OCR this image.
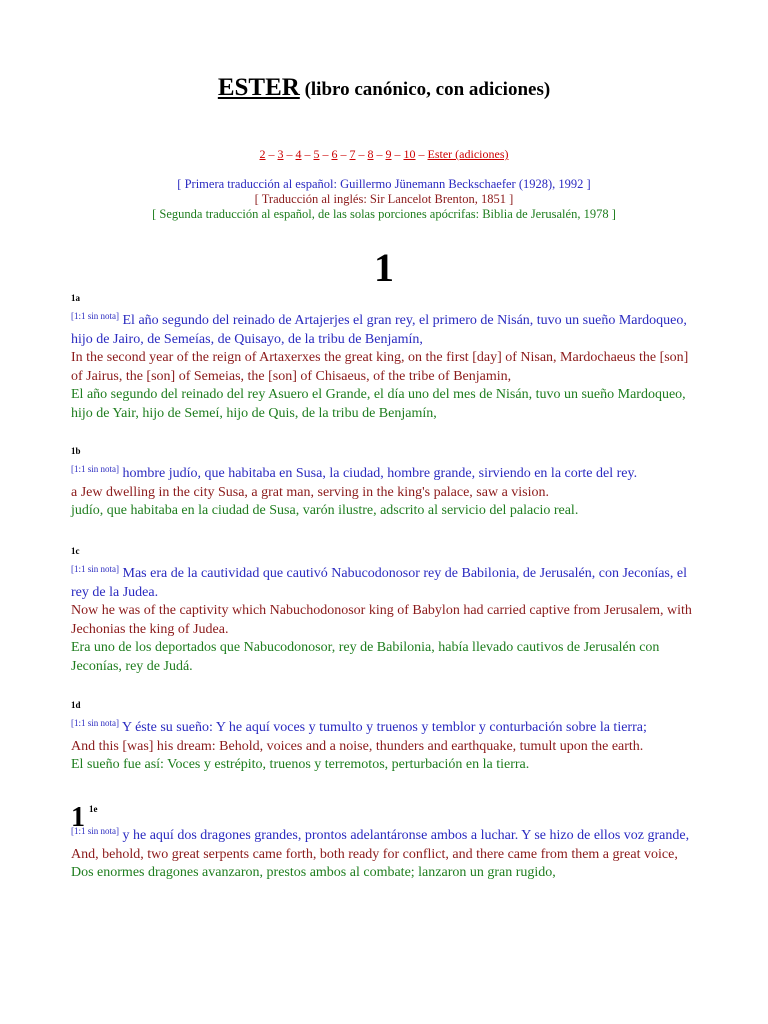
ESTER (libro canónico, con adiciones)
2 – 3 – 4 – 5 – 6 – 7 – 8 – 9 – 10 – Ester (adiciones)
[ Primera traducción al español: Guillermo Jünemann Beckschaefer (1928), 1992 ]
[ Traducción al inglés: Sir Lancelot Brenton, 1851 ]
[ Segunda traducción al español, de las solas porciones apócrifas: Biblia de Jerusalén, 1978 ]
1
1a
[1:1 sin nota] El año segundo del reinado de Artajerjes el gran rey, el primero de Nisán, tuvo un sueño Mardoqueo, hijo de Jairo, de Semeías, de Quisayo, de la tribu de Benjamín,
In the second year of the reign of Artaxerxes the great king, on the first [day] of Nisan, Mardochaeus the [son] of Jairus, the [son] of Semeias, the [son] of Chisaeus, of the tribe of Benjamin,
El año segundo del reinado del rey Asuero el Grande, el día uno del mes de Nisán, tuvo un sueño Mardoqueo, hijo de Yair, hijo de Semeí, hijo de Quis, de la tribu de Benjamín,
1b
[1:1 sin nota] hombre judío, que habitaba en Susa, la ciudad, hombre grande, sirviendo en la corte del rey.
a Jew dwelling in the city Susa, a grat man, serving in the king's palace, saw a vision.
judío, que habitaba en la ciudad de Susa, varón ilustre, adscrito al servicio del palacio real.
1c
[1:1 sin nota] Mas era de la cautividad que cautivó Nabucodonosor rey de Babilonia, de Jerusalén, con Jeconías, el rey de la Judea.
Now he was of the captivity which Nabuchodonosor king of Babylon had carried captive from Jerusalem, with Jechonias the king of Judea.
Era uno de los deportados que Nabucodonosor, rey de Babilonia, había llevado cautivos de Jerusalén con Jeconías, rey de Judá.
1d
[1:1 sin nota] Y éste su sueño: Y he aquí voces y tumulto y truenos y temblor y conturbación sobre la tierra;
And this [was] his dream: Behold, voices and a noise, thunders and earthquake, tumult upon the earth.
El sueño fue así: Voces y estrépito, truenos y terremotos, perturbación en la tierra.
1 $^{1e}$
[1:1 sin nota] y he aquí dos dragones grandes, prontos adelantáronse ambos a luchar. Y se hizo de ellos voz grande,
And, behold, two great serpents came forth, both ready for conflict, and there came from them a great voice,
Dos enormes dragones avanzaron, prestos ambos al combate; lanzaron un gran rugido,
